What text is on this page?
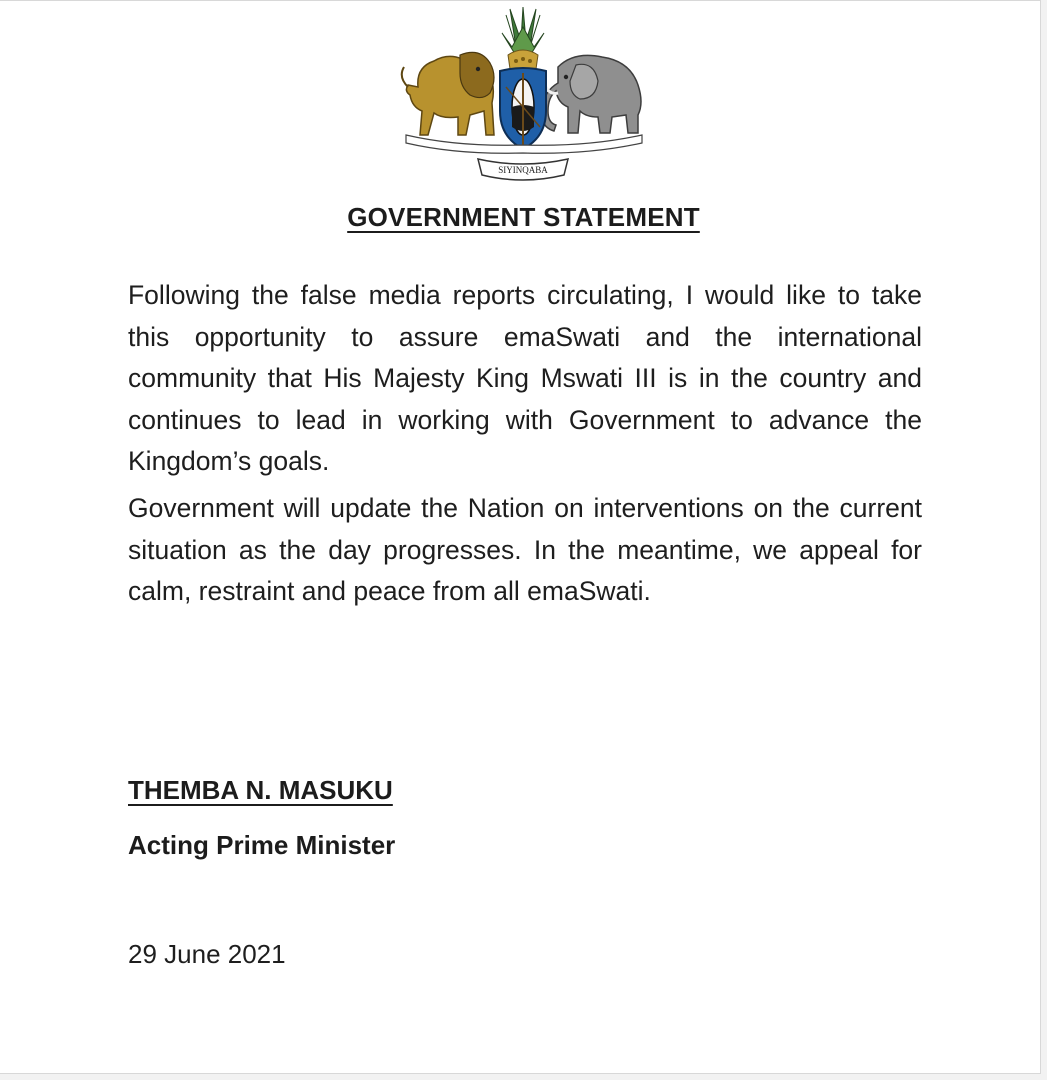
SIYINQABA
GOVERNMENT STATEMENT

Following the false media reports circulating, I would like to take this opportunity to assure emaSwati and the international community that His Majesty King Mswati III is in the country and continues to lead in working with Government to advance the Kingdom’s goals.

Government will update the Nation on interventions on the current situation as the day progresses. In the meantime, we appeal for calm, restraint and peace from all emaSwati.

THEMBA N. MASUKU

Acting Prime Minister

29 June 2021
